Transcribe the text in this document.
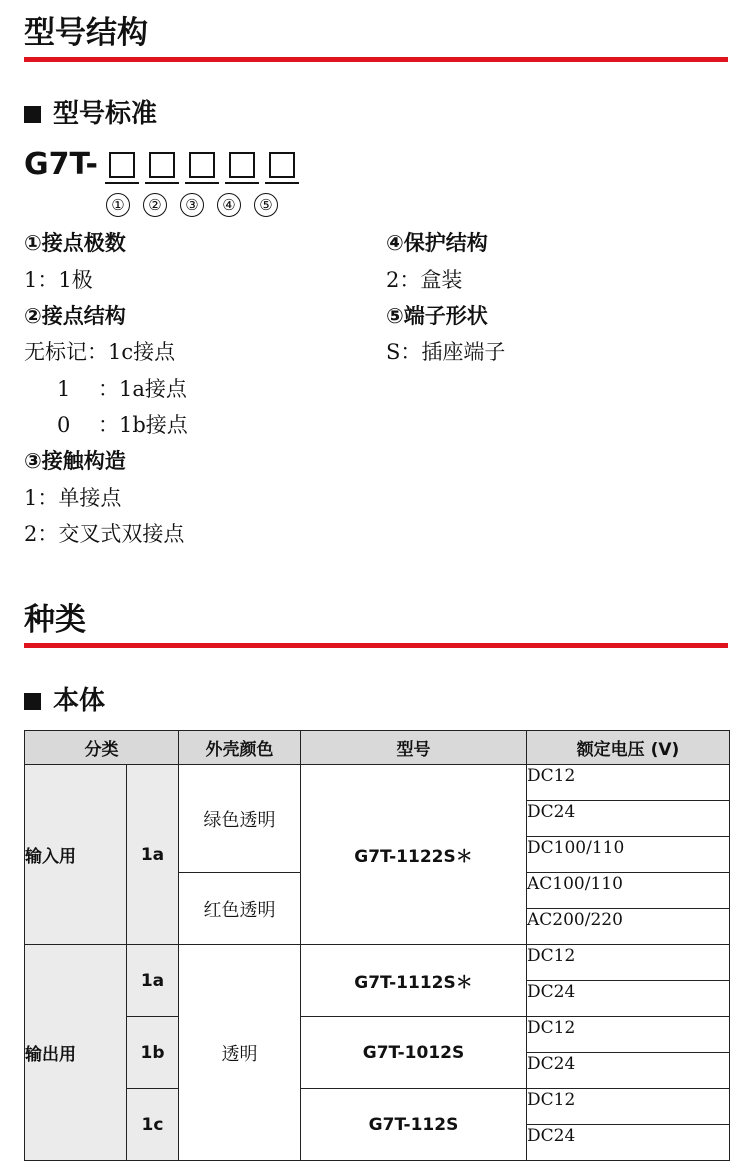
型号结构
型号标准
G7T-
①	②	③	④	⑤
①接点极数
1：1极
②接点结构
无标记：1c接点
1 ：1a接点
0 ：1b接点
③接触构造
1：单接点
2：交叉式双接点
④保护结构
2：盒装
⑤端子形状
S：插座端子
种类
本体
分类		外壳颜色	型号	额定电压 (V)
输入用	1a	绿色透明	G7T-1122S＊	DC12
				DC24
				DC100/110
		红色透明		AC100/110
				AC200/220
输出用	1a	透明	G7T-1112S＊	DC12
				DC24
	1b		G7T-1012S	DC12
				DC24
	1c		G7T-112S	DC12
				DC24
